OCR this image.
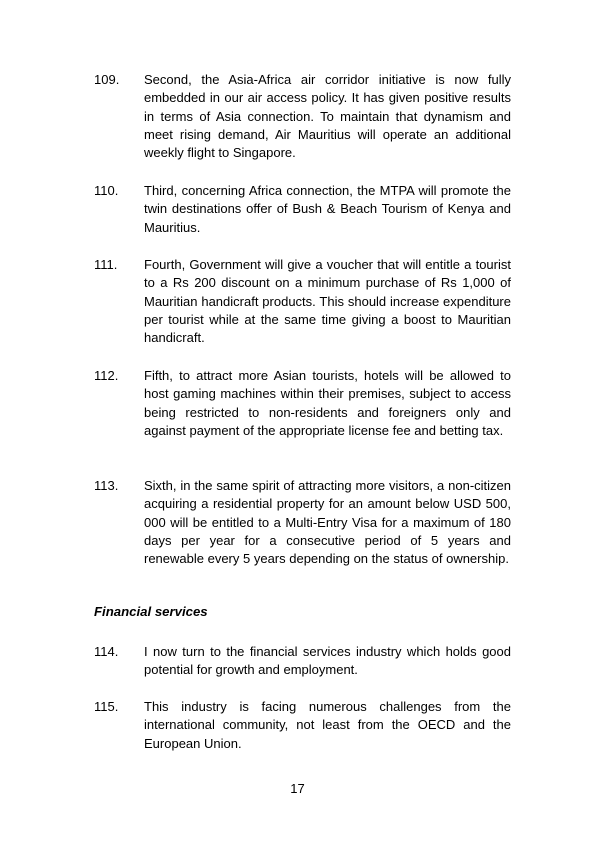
109.	Second, the Asia-Africa air corridor initiative is now fully embedded in our air access policy. It has given positive results in terms of Asia connection. To maintain that dynamism and meet rising demand, Air Mauritius will operate an additional weekly flight to Singapore.
110.	Third, concerning Africa connection, the MTPA will promote the twin destinations offer of Bush & Beach Tourism of Kenya and Mauritius.
111.	Fourth, Government will give a voucher that will entitle a tourist to a Rs 200 discount on a minimum purchase of Rs 1,000 of Mauritian handicraft products. This should increase expenditure per tourist while at the same time giving a boost to Mauritian handicraft.
112.	Fifth, to attract more Asian tourists, hotels will be allowed to host gaming machines within their premises, subject to access being restricted to non-residents and foreigners only and against payment of the appropriate license fee and betting tax.
113.	Sixth, in the same spirit of attracting more visitors, a non-citizen acquiring a residential property for an amount below USD 500, 000 will be entitled to a Multi-Entry Visa for a maximum of 180 days per year for a consecutive period of 5 years and renewable every 5 years depending on the status of ownership.
Financial services
114.	I now turn to the financial services industry which holds good potential for growth and employment.
115.	This industry is facing numerous challenges from the international community, not least from the OECD and the European Union.
17
